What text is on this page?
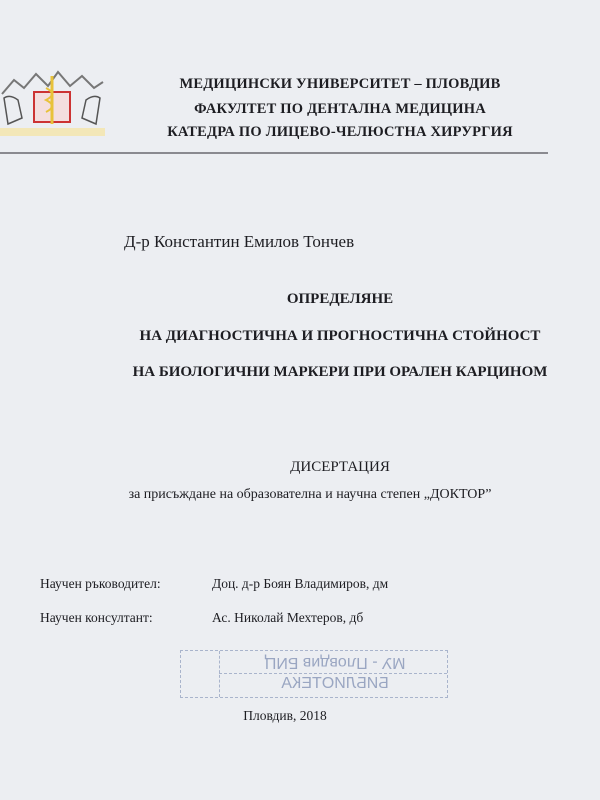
МЕДИЦИНСКИ УНИВЕРСИТЕТ – ПЛОВДИВ
ФАКУЛТЕТ ПО ДЕНТАЛНА МЕДИЦИНА
КАТЕДРА ПО ЛИЦЕВО-ЧЕЛЮСТНА ХИРУРГИЯ
Д-р Константин Емилов Тончев
ОПРЕДЕЛЯНЕ
НА ДИАГНОСТИЧНА И ПРОГНОСТИЧНА СТОЙНОСТ
НА БИОЛОГИЧНИ МАРКЕРИ ПРИ ОРАЛЕН КАРЦИНОМ
ДИСЕРТАЦИЯ
за присъждане на образователна и научна степен „ДОКТОР”
Научен ръководител:	Доц. д-р Боян Владимиров, дм
Научен консултант:	Ас. Николай Мехтеров, дб
МУ - Пловдив БИЦ
БИБЛИОТЕКА
Пловдив, 2018
